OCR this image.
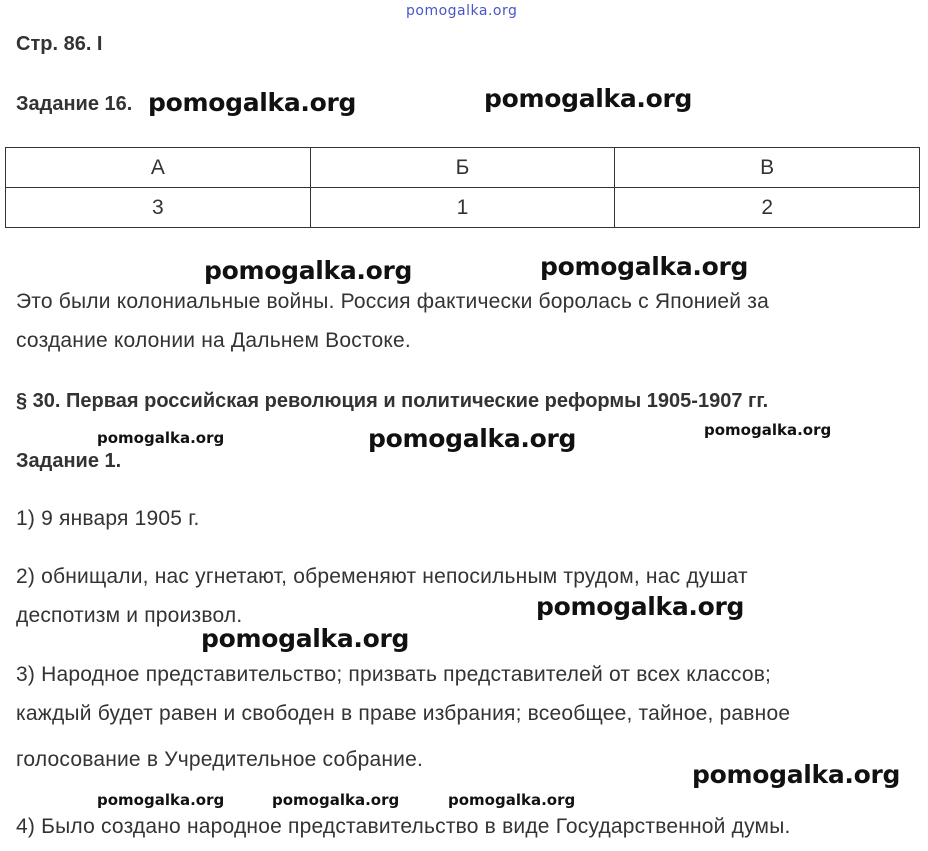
pomogalka.org
Стр. 86. I
Задание 16. pomogalka.org	pomogalka.org
А	Б	В
3	1	2
pomogalka.org	pomogalka.org
Это были колониальные войны. Россия фактически боролась с Японией за
создание колонии на Дальнем Востоке.
§ 30. Первая российская революция и политические реформы 1905-1907 гг.
pomogalka.org	pomogalka.org	pomogalka.org
Задание 1.
1) 9 января 1905 г.
2) обнищали, нас угнетают, обременяют непосильным трудом, нас душат
деспотизм и произвол.	pomogalka.org
pomogalka.org
3) Народное представительство; призвать представителей от всех классов;
каждый будет равен и свободен в праве избрания; всеобщее, тайное, равное
голосование в Учредительное собрание.
pomogalka.org
pomogalka.org	pomogalka.org	pomogalka.org
4) Было создано народное представительство в виде Государственной думы.
